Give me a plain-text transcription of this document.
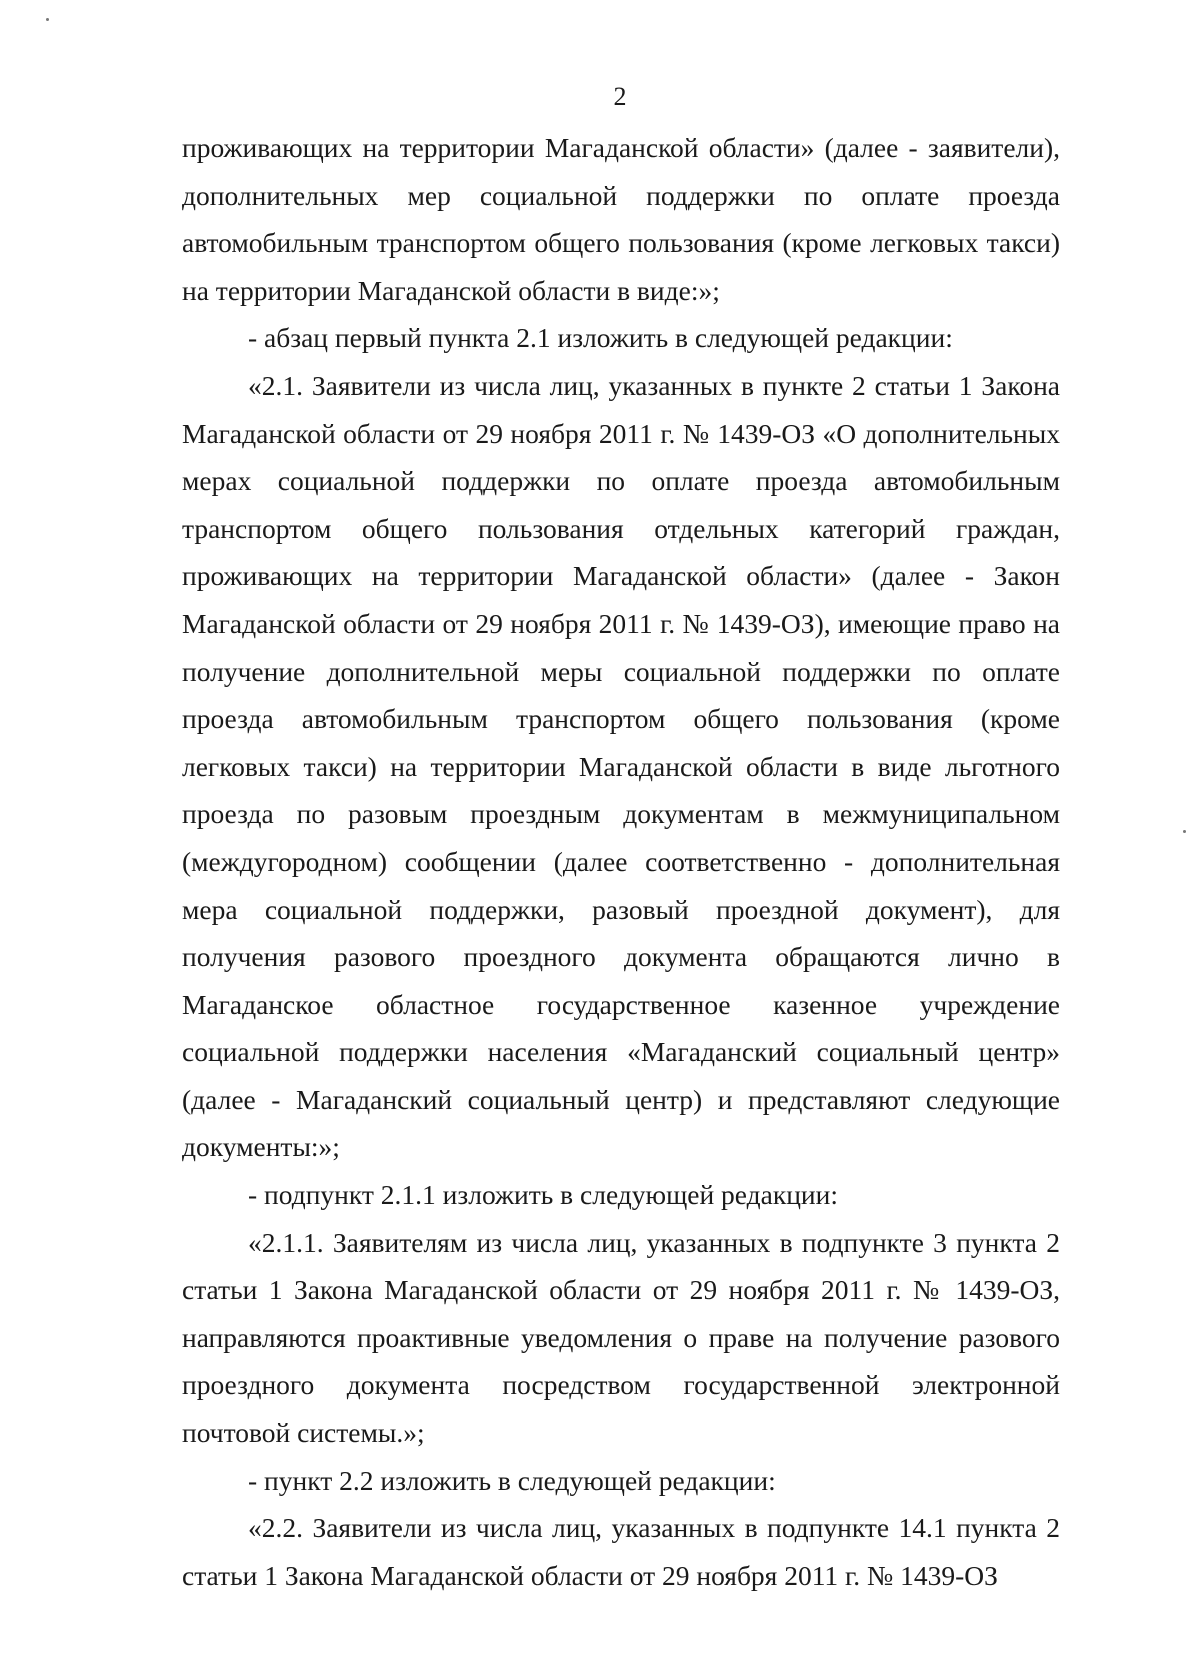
2

проживающих на территории Магаданской области» (далее - заявители), дополнительных мер социальной поддержки по оплате проезда автомобильным транспортом общего пользования (кроме легковых такси) на территории Магаданской области в виде:»;

- абзац первый пункта 2.1 изложить в следующей редакции:

«2.1. Заявители из числа лиц, указанных в пункте 2 статьи 1 Закона Магаданской области от 29 ноября 2011 г. № 1439-ОЗ «О дополнительных мерах социальной поддержки по оплате проезда автомобильным транспортом общего пользования отдельных категорий граждан, проживающих на территории Магаданской области» (далее - Закон Магаданской области от 29 ноября 2011 г. № 1439-ОЗ), имеющие право на получение дополнительной меры социальной поддержки по оплате проезда автомобильным транспортом общего пользования (кроме легковых такси) на территории Магаданской области в виде льготного проезда по разовым проездным документам в межмуниципальном (междугородном) сообщении (далее соответственно - дополнительная мера социальной поддержки, разовый проездной документ), для получения разового проездного документа обращаются лично в Магаданское областное государственное казенное учреждение социальной поддержки населения «Магаданский социальный центр» (далее - Магаданский социальный центр) и представляют следующие документы:»;

- подпункт 2.1.1 изложить в следующей редакции:

«2.1.1. Заявителям из числа лиц, указанных в подпункте 3 пункта 2 статьи 1 Закона Магаданской области от 29 ноября 2011 г. № 1439-ОЗ, направляются проактивные уведомления о праве на получение разового проездного документа посредством государственной электронной почтовой системы.»;

- пункт 2.2 изложить в следующей редакции:

«2.2. Заявители из числа лиц, указанных в подпункте 14.1 пункта 2 статьи 1 Закона Магаданской области от 29 ноября 2011 г. № 1439-ОЗ
